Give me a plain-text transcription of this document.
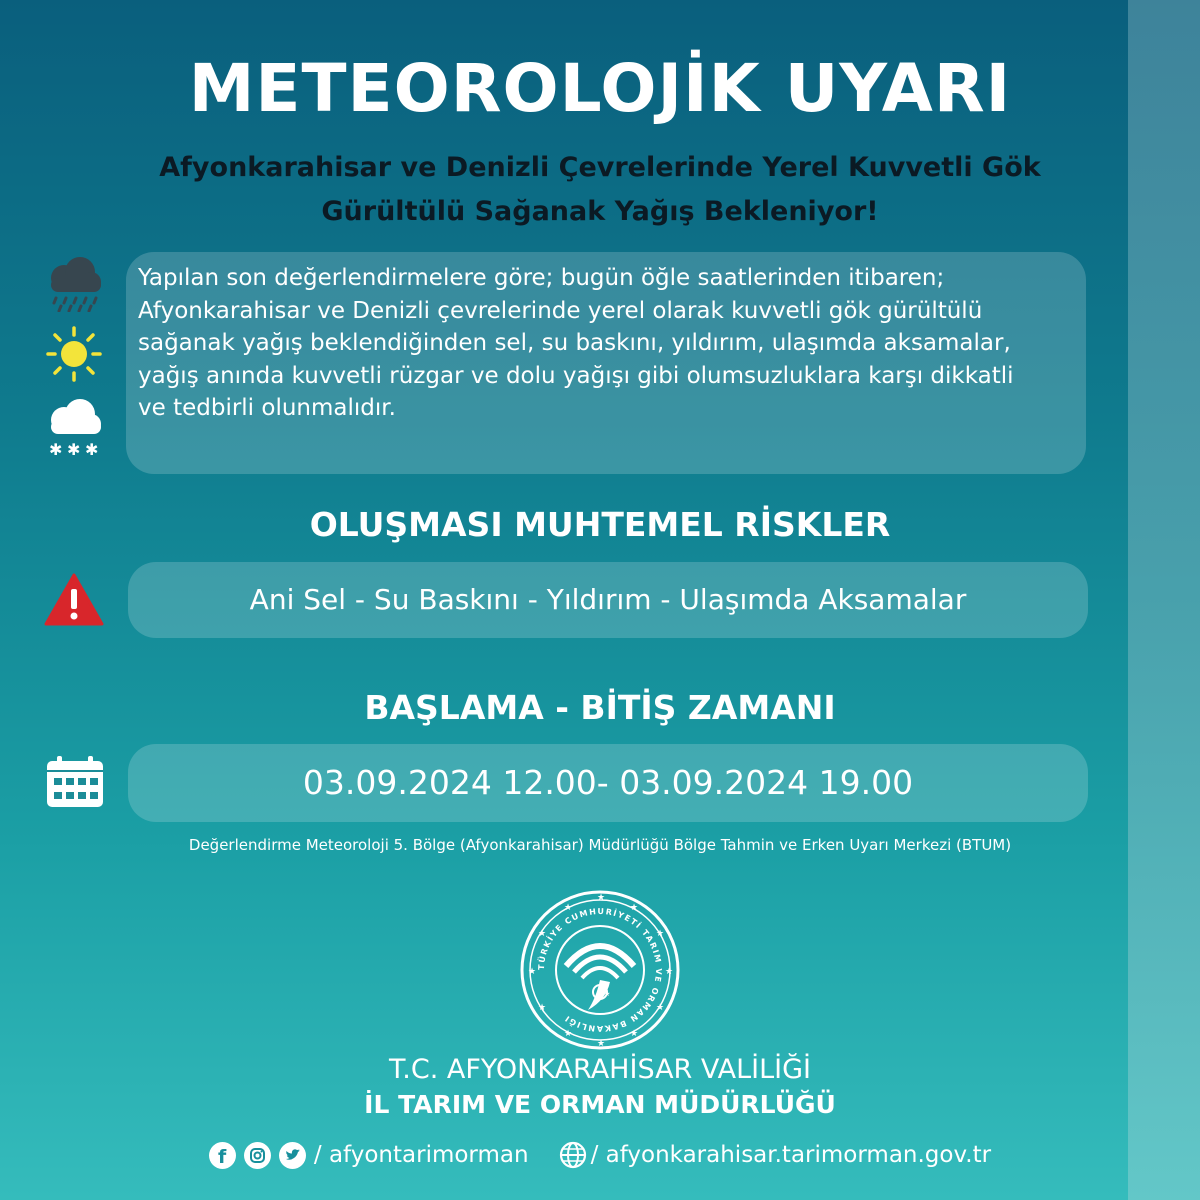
METEOROLOJİK UYARI
Afyonkarahisar ve Denizli Çevrelerinde Yerel Kuvvetli Gök
Gürültülü Sağanak Yağış Bekleniyor!
✱ ✱ ✱
Yapılan son değerlendirmelere göre; bugün öğle saatlerinden itibaren;
Afyonkarahisar ve Denizli çevrelerinde yerel olarak kuvvetli gök gürültülü
sağanak yağış beklendiğinden sel, su baskını, yıldırım, ulaşımda aksamalar,
yağış anında kuvvetli rüzgar ve dolu yağışı gibi olumsuzluklara karşı dikkatli
ve tedbirli olunmalıdır.
OLUŞMASI MUHTEMEL RİSKLER
Ani Sel - Su Baskını - Yıldırım - Ulaşımda Aksamalar
BAŞLAMA - BİTİŞ ZAMANI
03.09.2024 12.00- 03.09.2024 19.00
Değerlendirme Meteoroloji 5. Bölge (Afyonkarahisar) Müdürlüğü Bölge Tahmin ve Erken Uyarı Merkezi (BTUM)
★
★
★
★
★
★
★
★
★
★
★
★
TÜRKİYE CUMHURİYETİ TARIM VE ORMAN BAKANLIĞI
★
T.C. AFYONKARAHİSAR VALİLİĞİ
İL TARIM VE ORMAN MÜDÜRLÜĞÜ
f	/ afyontarimorman	/ afyonkarahisar.tarimorman.gov.tr
